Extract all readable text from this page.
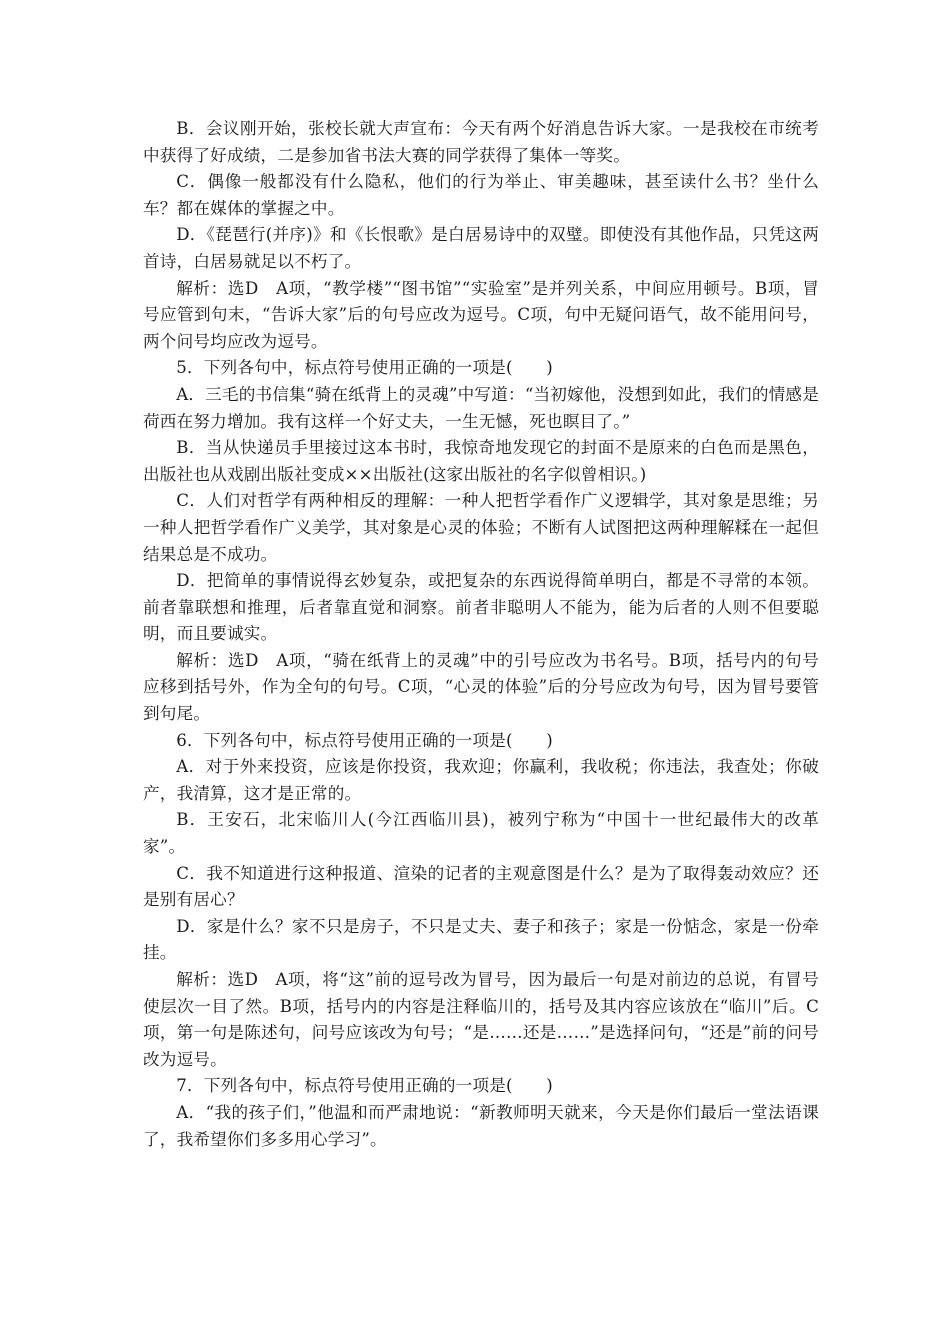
B．会议刚开始，张校长就大声宣布：今天有两个好消息告诉大家。一是我校在市统考中获得了好成绩，二是参加省书法大赛的同学获得了集体一等奖。

C．偶像一般都没有什么隐私，他们的行为举止、审美趣味，甚至读什么书？坐什么车？都在媒体的掌握之中。

D．《琵琶行(并序)》和《长恨歌》是白居易诗中的双璧。即使没有其他作品，只凭这两首诗，白居易就足以不朽了。

解析：选D　A项，“教学楼”“图书馆”“实验室”是并列关系，中间应用顿号。B项，冒号应管到句末，“告诉大家”后的句号应改为逗号。C项，句中无疑问语气，故不能用问号，两个问号均应改为逗号。

5．下列各句中，标点符号使用正确的一项是(　　)

A．三毛的书信集“骑在纸背上的灵魂”中写道：“当初嫁他，没想到如此，我们的情感是荷西在努力增加。我有这样一个好丈夫，一生无憾，死也瞑目了。”

B．当从快递员手里接过这本书时，我惊奇地发现它的封面不是原来的白色而是黑色，出版社也从戏剧出版社变成××出版社(这家出版社的名字似曾相识。)

C．人们对哲学有两种相反的理解：一种人把哲学看作广义逻辑学，其对象是思维；另一种人把哲学看作广义美学，其对象是心灵的体验；不断有人试图把这两种理解糅在一起但结果总是不成功。

D．把简单的事情说得玄妙复杂，或把复杂的东西说得简单明白，都是不寻常的本领。前者靠联想和推理，后者靠直觉和洞察。前者非聪明人不能为，能为后者的人则不但要聪明，而且要诚实。

解析：选D　A项，“骑在纸背上的灵魂”中的引号应改为书名号。B项，括号内的句号应移到括号外，作为全句的句号。C项，“心灵的体验”后的分号应改为句号，因为冒号要管到句尾。

6．下列各句中，标点符号使用正确的一项是(　　)

A．对于外来投资，应该是你投资，我欢迎；你赢利，我收税；你违法，我查处；你破产，我清算，这才是正常的。

B．王安石，北宋临川人(今江西临川县)，被列宁称为“中国十一世纪最伟大的改革家”。

C．我不知道进行这种报道、渲染的记者的主观意图是什么？是为了取得轰动效应？还是别有居心？

D．家是什么？家不只是房子，不只是丈夫、妻子和孩子；家是一份惦念，家是一份牵挂。

解析：选D　A项，将“这”前的逗号改为冒号，因为最后一句是对前边的总说，有冒号使层次一目了然。B项，括号内的内容是注释临川的，括号及其内容应该放在“临川”后。C项，第一句是陈述句，问号应该改为句号；“是……还是……”是选择问句，“还是”前的问号改为逗号。

7．下列各句中，标点符号使用正确的一项是(　　)

A．“我的孩子们，”他温和而严肃地说：“新教师明天就来，今天是你们最后一堂法语课了，我希望你们多多用心学习”。
